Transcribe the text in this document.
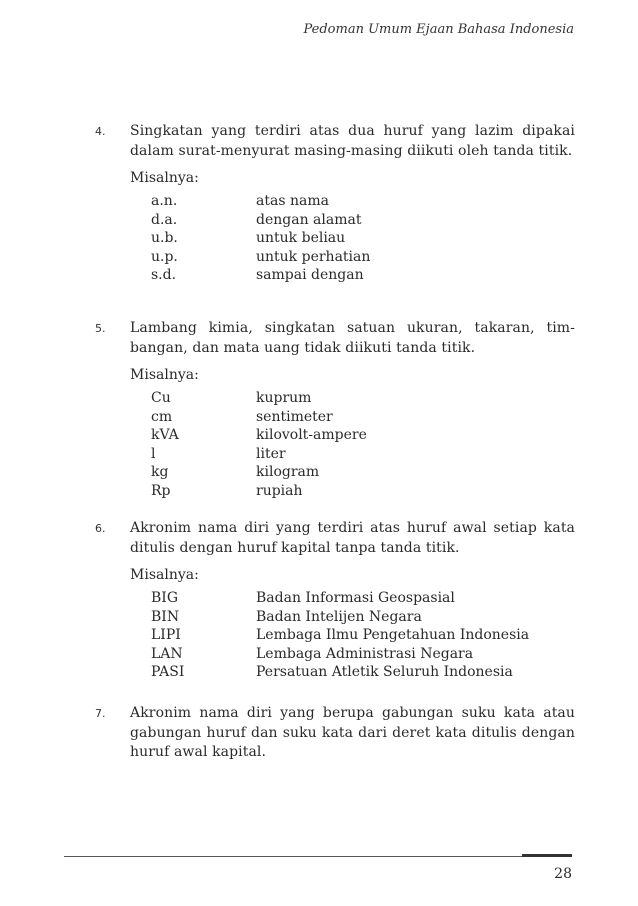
Pedoman Umum Ejaan Bahasa Indonesia
4. Singkatan yang terdiri atas dua huruf yang lazim dipakai dalam surat-menyurat masing-masing diikuti oleh tanda titik.
Misalnya:
a.n.	atas nama
d.a.	dengan alamat
u.b.	untuk beliau
u.p.	untuk perhatian
s.d.	sampai dengan
5. Lambang kimia, singkatan satuan ukuran, takaran, tim-bangan, dan mata uang tidak diikuti tanda titik.
Misalnya:
Cu	kuprum
cm	sentimeter
kVA	kilovolt-ampere
l	liter
kg	kilogram
Rp	rupiah
6. Akronim nama diri yang terdiri atas huruf awal setiap kata ditulis dengan huruf kapital tanpa tanda titik.
Misalnya:
BIG	Badan Informasi Geospasial
BIN	Badan Intelijen Negara
LIPI	Lembaga Ilmu Pengetahuan Indonesia
LAN	Lembaga Administrasi Negara
PASI	Persatuan Atletik Seluruh Indonesia
7. Akronim nama diri yang berupa gabungan suku kata atau gabungan huruf dan suku kata dari deret kata ditulis dengan huruf awal kapital.
28
